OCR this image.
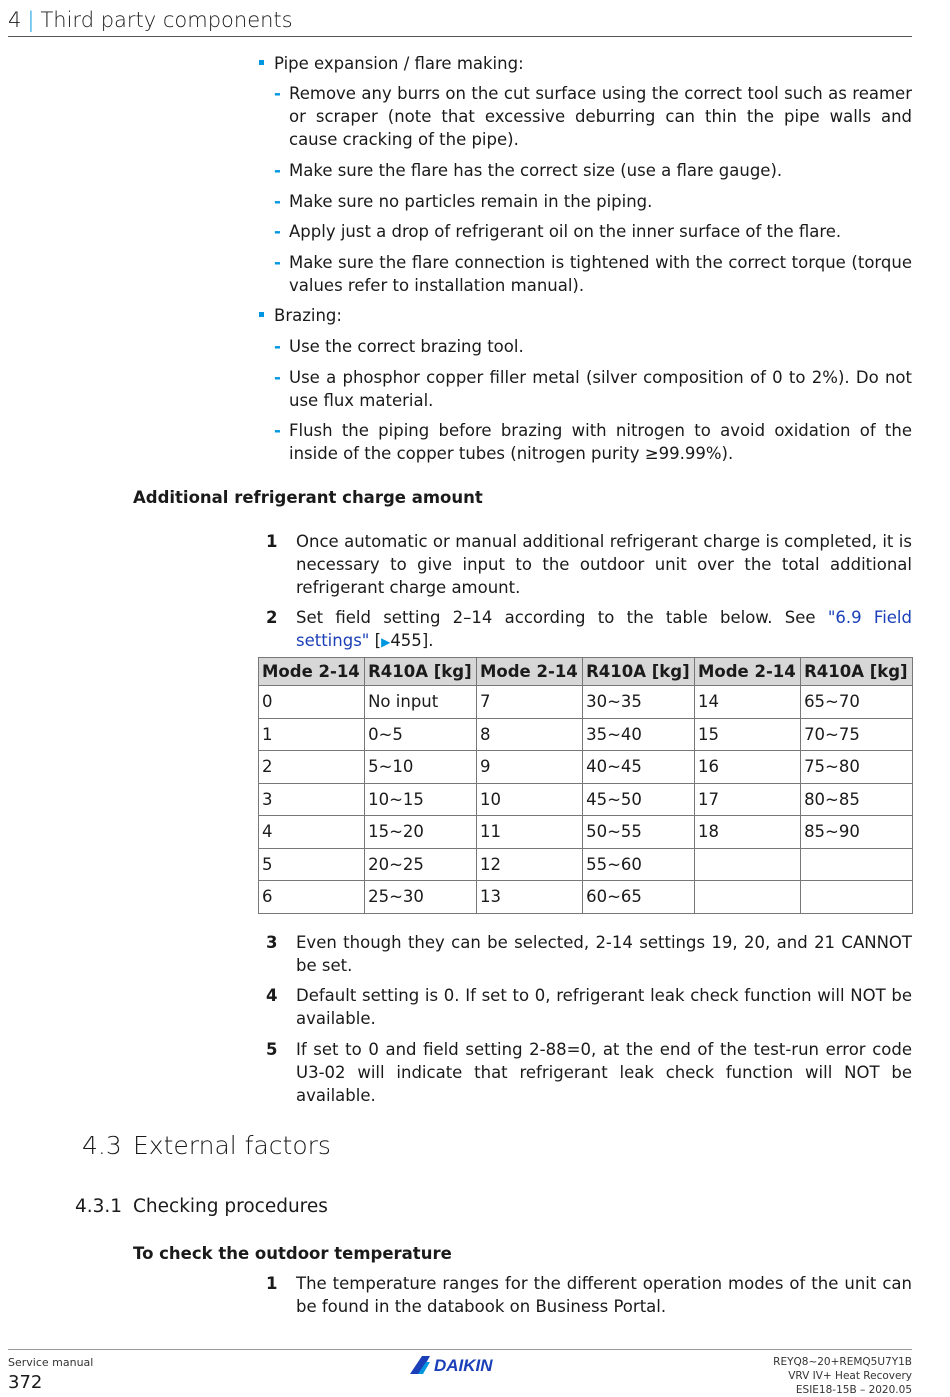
4 | Third party components
Pipe expansion / flare making:
- Remove any burrs on the cut surface using the correct tool such as reamer or scraper (note that excessive deburring can thin the pipe walls and cause cracking of the pipe).
- Make sure the flare has the correct size (use a flare gauge).
- Make sure no particles remain in the piping.
- Apply just a drop of refrigerant oil on the inner surface of the flare.
- Make sure the flare connection is tightened with the correct torque (torque values refer to installation manual).
Brazing:
- Use the correct brazing tool.
- Use a phosphor copper filler metal (silver composition of 0 to 2%). Do not use flux material.
- Flush the piping before brazing with nitrogen to avoid oxidation of the inside of the copper tubes (nitrogen purity ≥99.99%).
Additional refrigerant charge amount
1 Once automatic or manual additional refrigerant charge is completed, it is necessary to give input to the outdoor unit over the total additional refrigerant charge amount.
2 Set field setting 2–14 according to the table below. See "6.9 Field settings" [▶455].
Mode 2-14	R410A [kg]	Mode 2-14	R410A [kg]	Mode 2-14	R410A [kg]
0	No input	7	30~35	14	65~70
1	0~5	8	35~40	15	70~75
2	5~10	9	40~45	16	75~80
3	10~15	10	45~50	17	80~85
4	15~20	11	50~55	18	85~90
5	20~25	12	55~60		
6	25~30	13	60~65		
3 Even though they can be selected, 2-14 settings 19, 20, and 21 CANNOT be set.
4 Default setting is 0. If set to 0, refrigerant leak check function will NOT be available.
5 If set to 0 and field setting 2-88=0, at the end of the test-run error code U3-02 will indicate that refrigerant leak check function will NOT be available.
4.3 External factors
4.3.1 Checking procedures
To check the outdoor temperature
1 The temperature ranges for the different operation modes of the unit can be found in the databook on Business Portal.
Service manual
372
DAIKIN	REYQ8~20+REMQ5U7Y1B
VRV IV+ Heat Recovery
ESIE18-15B – 2020.05
